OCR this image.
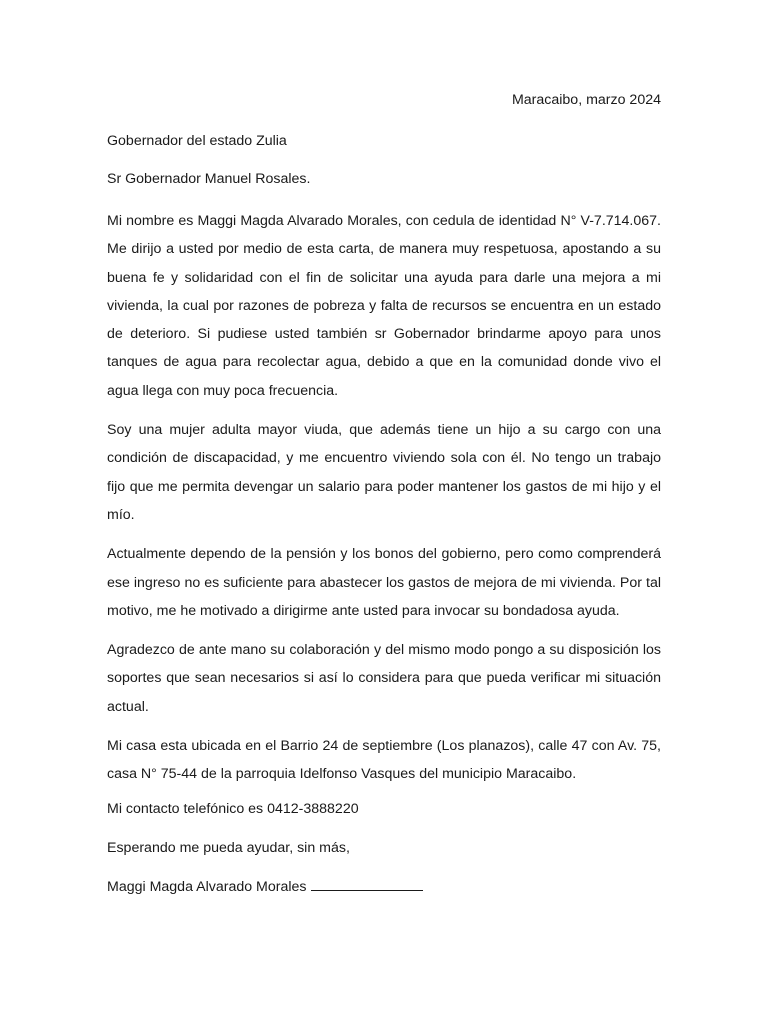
Maracaibo, marzo 2024
Gobernador del estado Zulia
Sr Gobernador Manuel Rosales.

Mi nombre es Maggi Magda Alvarado Morales, con cedula de identidad N° V-7.714.067. Me dirijo a usted por medio de esta carta, de manera muy respetuosa, apostando a su buena fe y solidaridad con el fin de solicitar una ayuda para darle una mejora a mi vivienda, la cual por razones de pobreza y falta de recursos se encuentra en un estado de deterioro. Si pudiese usted también sr Gobernador brindarme apoyo para unos tanques de agua para recolectar agua, debido a que en la comunidad donde vivo el agua llega con muy poca frecuencia.

Soy una mujer adulta mayor viuda, que además tiene un hijo a su cargo con una condición de discapacidad, y me encuentro viviendo sola con él. No tengo un trabajo fijo que me permita devengar un salario para poder mantener los gastos de mi hijo y el mío.

Actualmente dependo de la pensión y los bonos del gobierno, pero como comprenderá ese ingreso no es suficiente para abastecer los gastos de mejora de mi vivienda. Por tal motivo, me he motivado a dirigirme ante usted para invocar su bondadosa ayuda.

Agradezco de ante mano su colaboración y del mismo modo pongo a su disposición los soportes que sean necesarios si así lo considera para que pueda verificar mi situación actual.

Mi casa esta ubicada en el Barrio 24 de septiembre (Los planazos), calle 47 con Av. 75, casa N° 75-44 de la parroquia Idelfonso Vasques del municipio Maracaibo.

Mi contacto telefónico es 0412-3888220
Esperando me pueda ayudar, sin más,
Maggi Magda Alvarado Morales
